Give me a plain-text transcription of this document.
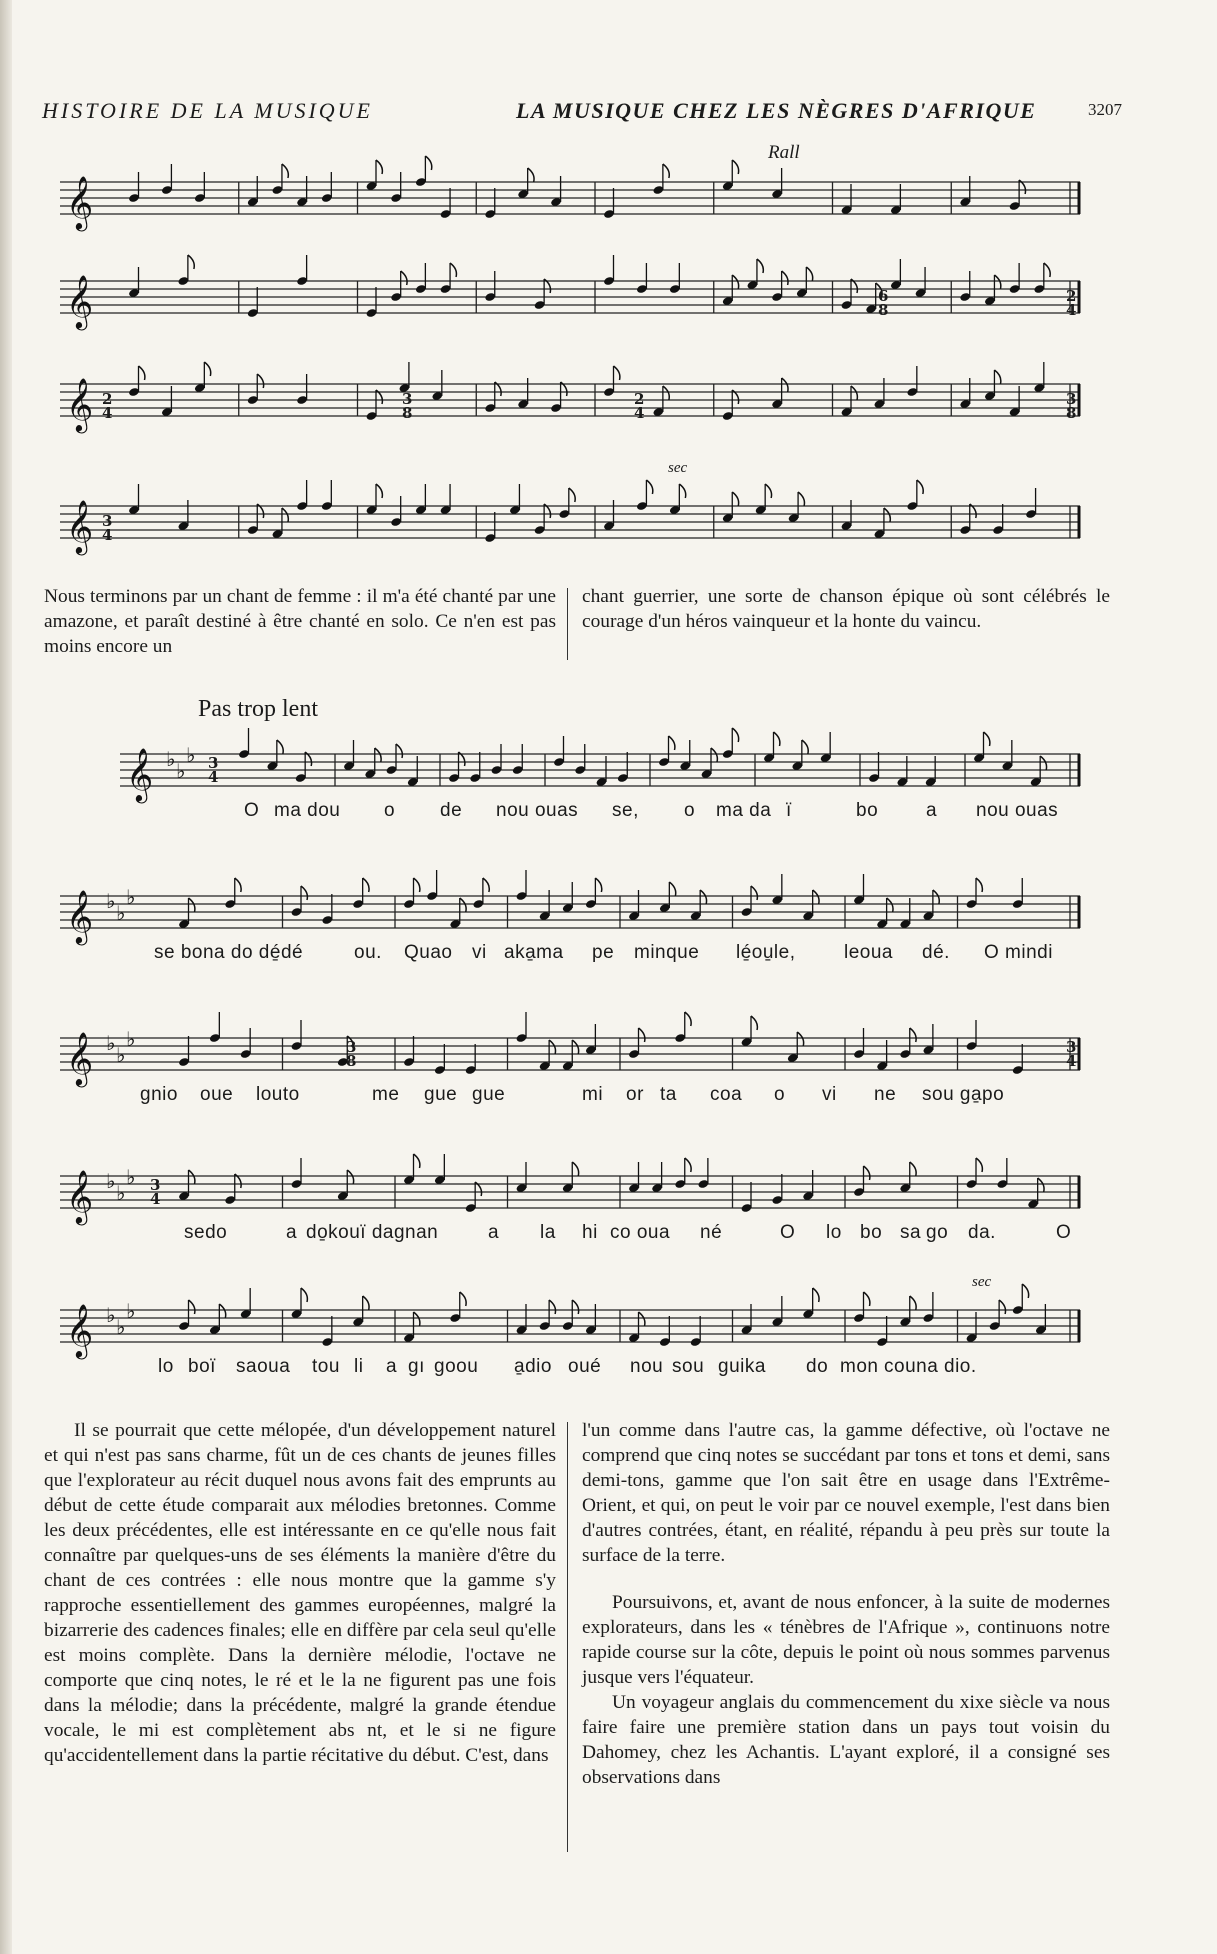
HISTOIRE DE LA MUSIQUE	LA MUSIQUE CHEZ LES NÈGRES D'AFRIQUE	3207
Rall
𝄞
𝄞	6
8
2
4
𝄞 2
4
3
8
2
4
3
8
sec
𝄞 3
4

Nous terminons par un chant de femme : il m'a été chanté par une amazone, et paraît destiné à être chanté en solo. Ce n'en est pas moins encore un

chant guerrier, une sorte de chanson épique où sont célébrés le courage d'un héros vainqueur et la honte du vaincu.

Pas trop lent
𝄞 ♭ ♭
♭ 3
4
O ma dou o de nou ouas se, o ma da ï	bo	a nou ouas
𝄞 ♭ ♭
♭
se bona do dé̱dé	ou. Quao vi aka̱ma pe minque lé̱ou̱le,	leoua dé. O mindi
𝄞 ♭ ♭
♭	3
8
3
4
gnio oue louto	me gue gue	mi or ta coa o vi ne sou ga̱po
𝄞 ♭ ♭
♭ 3
4
sedo	a do̱kouï dagnan	a la hi co oua né	O lo bo sa go da.	O
sec
𝄞 ♭ ♭
♭
lo boï saoua tou li a gı goou a̱dio oué nou sou guika do mon couna dio.

Il se pourrait que cette mélopée, d'un développement naturel et qui n'est pas sans charme, fût un de ces chants de jeunes filles que l'explorateur au récit duquel nous avons fait des emprunts au début de cette étude comparait aux mélodies bretonnes. Comme les deux précédentes, elle est intéressante en ce qu'elle nous fait connaître par quelques-uns de ses éléments la manière d'être du chant de ces contrées : elle nous montre que la gamme s'y rapproche essentiellement des gammes européennes, malgré la bizarrerie des cadences finales; elle en diffère par cela seul qu'elle est moins complète. Dans la dernière mélodie, l'octave ne comporte que cinq notes, le ré et le la ne figurent pas une fois dans la mélodie; dans la précédente, malgré la grande étendue vocale, le mi est complètement abs nt, et le si ne figure qu'accidentellement dans la partie récitative du début. C'est, dans

l'un comme dans l'autre cas, la gamme défective, où l'octave ne comprend que cinq notes se succédant par tons et tons et demi, sans demi-tons, gamme que l'on sait être en usage dans l'Extrême-Orient, et qui, on peut le voir par ce nouvel exemple, l'est dans bien d'autres contrées, étant, en réalité, répandu à peu près sur toute la surface de la terre.

Poursuivons, et, avant de nous enfoncer, à la suite de modernes explorateurs, dans les « ténèbres de l'Afrique », continuons notre rapide course sur la côte, depuis le point où nous sommes parvenus jusque vers l'équateur.

Un voyageur anglais du commencement du xixe siècle va nous faire faire une première station dans un pays tout voisin du Dahomey, chez les Achantis. L'ayant exploré, il a consigné ses observations dans
